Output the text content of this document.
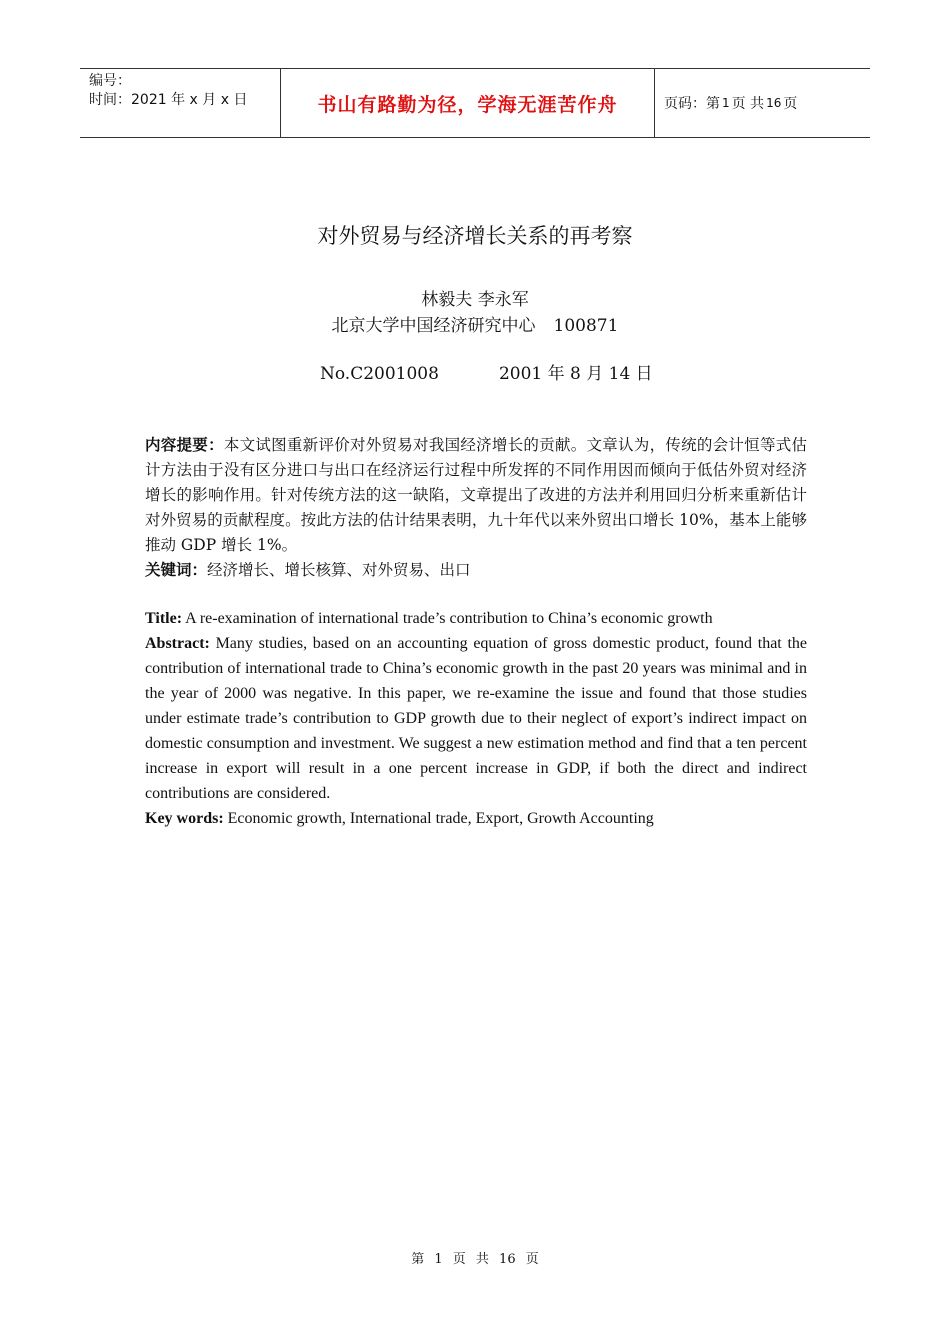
编号：
时间：2021 年 x 月 x 日	书山有路勤为径，学海无涯苦作舟	页码：第 1 页 共 16 页
对外贸易与经济增长关系的再考察
林毅夫 李永军
北京大学中国经济研究中心 100871
No.C2001008	2001 年 8 月 14 日
内容提要：本文试图重新评价对外贸易对我国经济增长的贡献。文章认为，传统的会计恒等式估计方法由于没有区分进口与出口在经济运行过程中所发挥的不同作用因而倾向于低估外贸对经济增长的影响作用。针对传统方法的这一缺陷，文章提出了改进的方法并利用回归分析来重新估计对外贸易的贡献程度。按此方法的估计结果表明，九十年代以来外贸出口增长 10%，基本上能够推动 GDP 增长 1%。
关键词：经济增长、增长核算、对外贸易、出口

Title: A re-examination of international trade’s contribution to China’s economic growth

Abstract: Many studies, based on an accounting equation of gross domestic product, found that the contribution of international trade to China’s economic growth in the past 20 years was minimal and in the year of 2000 was negative. In this paper, we re-examine the issue and found that those studies under estimate trade’s contribution to GDP growth due to their neglect of export’s indirect impact on domestic consumption and investment. We suggest a new estimation method and find that a ten percent increase in export will result in a one percent increase in GDP, if both the direct and indirect contributions are considered.

Key words: Economic growth, International trade, Export, Growth Accounting

第 1 页 共 16 页
